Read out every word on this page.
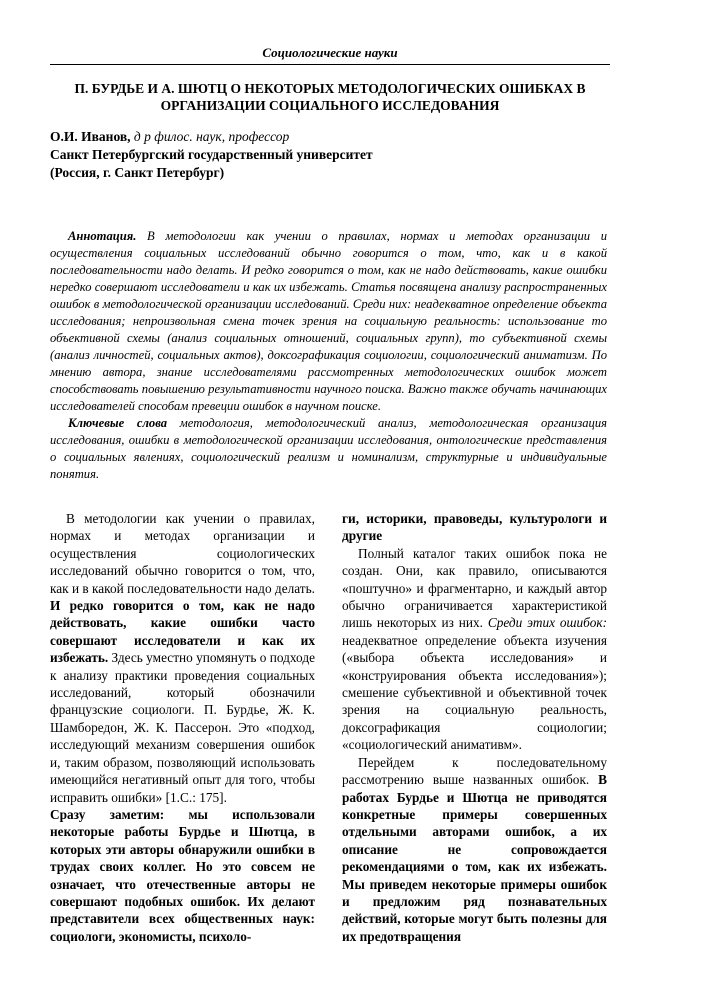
Социологические науки
П. БУРДЬЕ И А. ШЮТЦ О НЕКОТОРЫХ МЕТОДОЛОГИЧЕСКИХ ОШИБКАХ В
ОРГАНИЗАЦИИ СОЦИАЛЬНОГО ИССЛЕДОВАНИЯ
О.И. Иванов, д р филос. наук, профессор
Санкт Петербургский государственный университет
(Россия, г. Санкт Петербург)

Аннотация. В методологии как учении о правилах, нормах и методах организации и осуществления социальных исследований обычно говорится о том, что, как и в какой последовательности надо делать. И редко говорится о том, как не надо действовать, какие ошибки нередко совершают исследователи и как их избежать. Статья посвящена анализу распространенных ошибок в методологической организации исследований. Среди них: неадекватное определение объекта исследования; непроизвольная смена точек зрения на социальную реальность: использование то объективной схемы (анализ социальных отношений, социальных групп), то субъективной схемы (анализ личностей, социальных актов), доксографикация социологии, социологический аниматизм. По мнению автора, знание исследователями рассмотренных методологических ошибок может способствовать повышению результативности научного поиска. Важно также обучать начинающих исследователей способам превеции ошибок в научном поиске.

Ключевые слова методология, методологический анализ, методологическая организация исследования, ошибки в методологической организации исследования, онтологические представления о социальных явлениях, социологический реализм и номинализм, структурные и индивидуальные понятия.

В методологии как учении о правилах, нормах и методах организации и осуществления социологических исследований обычно говорится о том, что, как и в какой последовательности надо делать. И редко говорится о том, как не надо действовать, какие ошибки часто совершают исследователи и как их избежать. Здесь уместно упомянуть о подходе к анализу практики проведения социальных исследований, который обозначили французские социологи. П. Бурдье, Ж. К. Шамборедон, Ж. К. Пассерон. Это «подход, исследующий механизм совершения ошибок и, таким образом, позволяющий использовать имеющийся негативный опыт для того, чтобы исправить ошибки» [1.С.: 175].

Сразу заметим: мы использовали некоторые работы Бурдье и Шютца, в которых эти авторы обнаружили ошибки в трудах своих коллег. Но это совсем не означает, что отечественные авторы не совершают подобных ошибок. Их делают представители всех общественных наук: социологи, экономисты, психоло-

ги, историки, правоведы, культурологи и другие

Полный каталог таких ошибок пока не создан. Они, как правило, описываются «поштучно» и фрагментарно, и каждый автор обычно ограничивается характеристикой лишь некоторых из них. Среди этих ошибок: неадекватное определение объекта изучения («выбора объекта исследования» и «конструирования объекта исследования»); смешение субъективной и объективной точек зрения на социальную реальность, доксографикация социологии; «социологический анимативм».

Перейдем к последовательному рассмотрению выше названных ошибок. В работах Бурдье и Шютца не приводятся конкретные примеры совершенных отдельными авторами ошибок, а их описание не сопровождается рекомендациями о том, как их избежать. Мы приведем некоторые примеры ошибок и предложим ряд познавательных действий, которые могут быть полезны для их предотвращения
